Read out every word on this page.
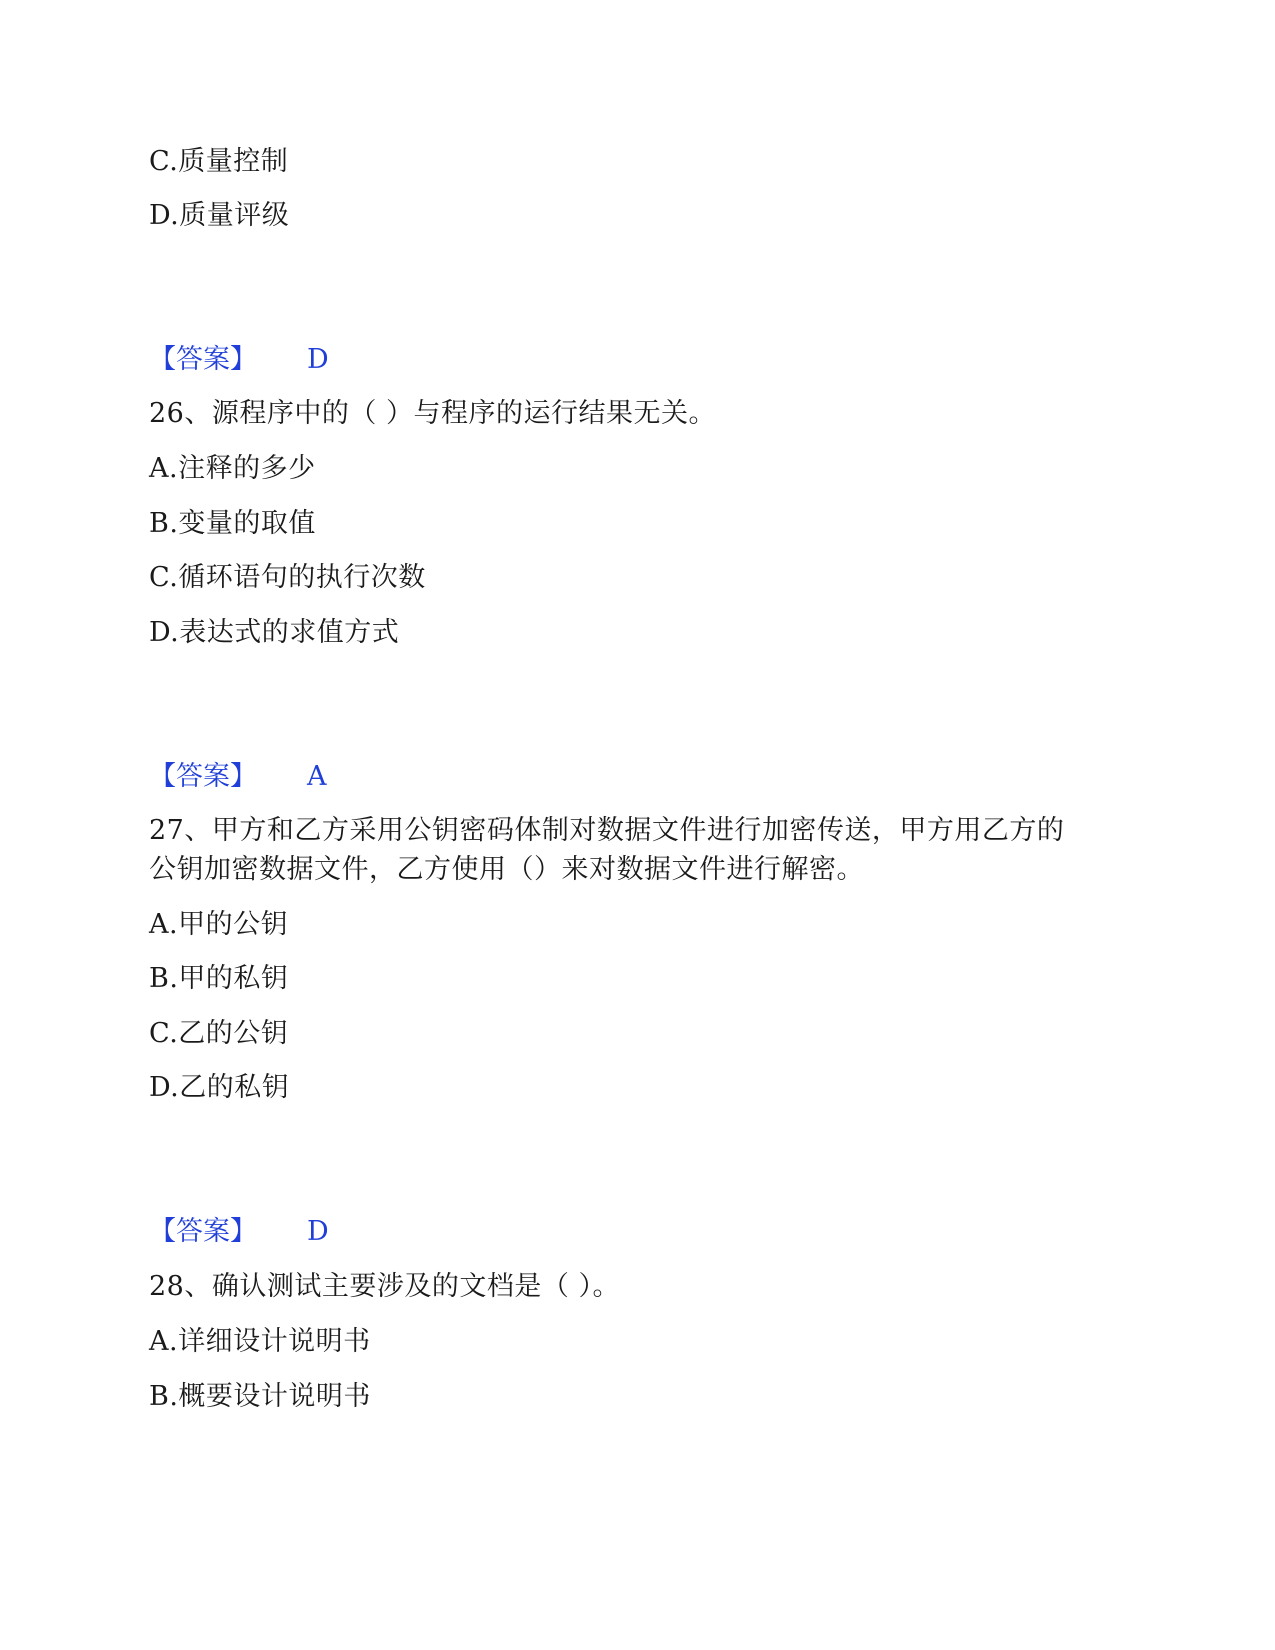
C.质量控制
D.质量评级
【答案】 D
26、源程序中的（ ）与程序的运行结果无关。
A.注释的多少
B.变量的取值
C.循环语句的执行次数
D.表达式的求值方式
【答案】 A
27、甲方和乙方采用公钥密码体制对数据文件进行加密传送，甲方用乙方的
公钥加密数据文件，乙方使用（）来对数据文件进行解密。
A.甲的公钥
B.甲的私钥
C.乙的公钥
D.乙的私钥
【答案】 D
28、确认测试主要涉及的文档是（ ）。
A.详细设计说明书
B.概要设计说明书
